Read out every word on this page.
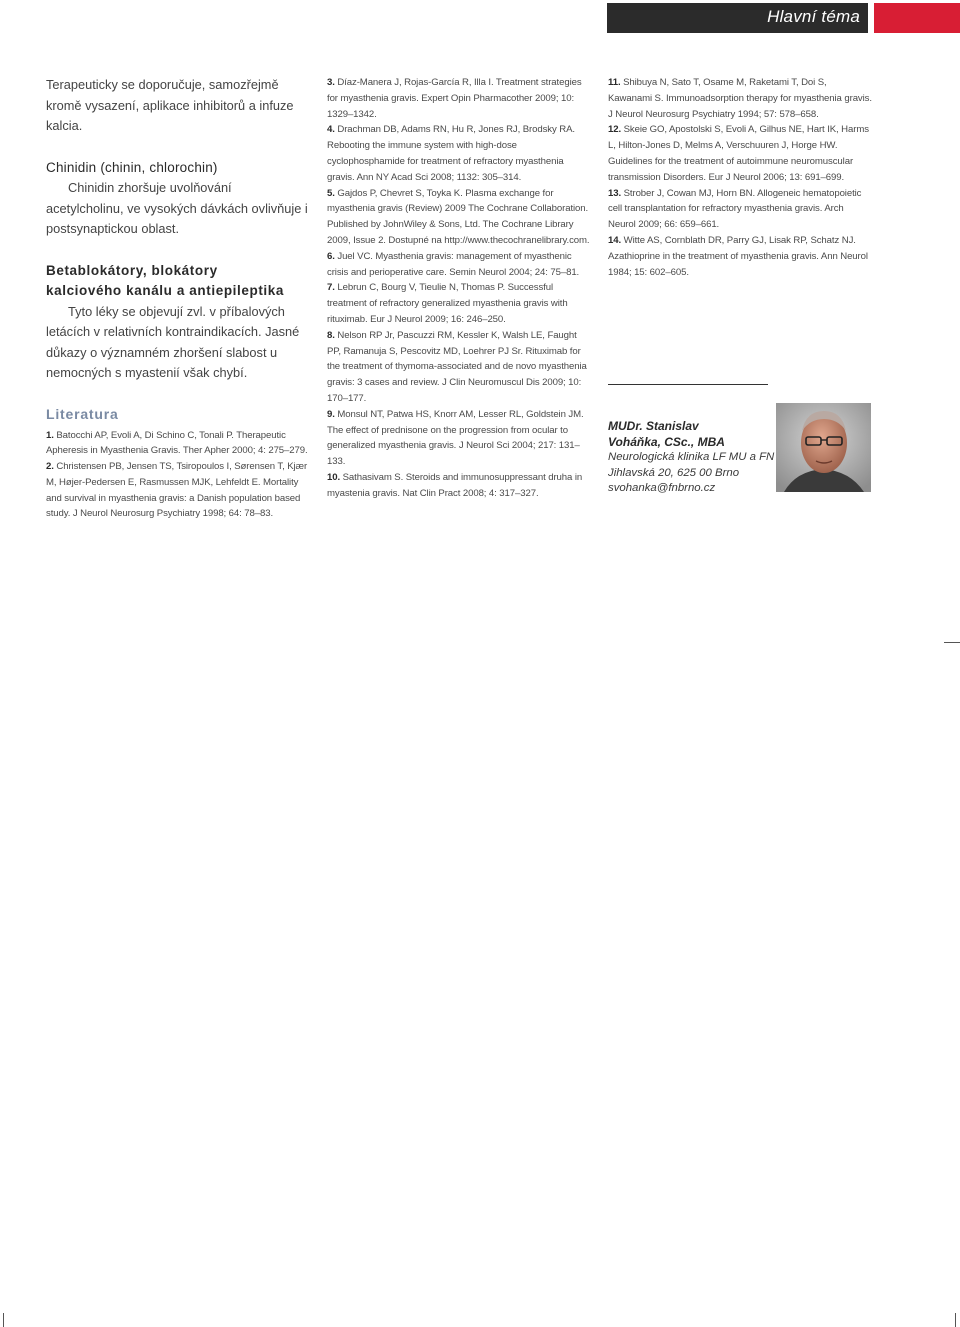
Hlavní téma

Terapeuticky se doporučuje, samozřejmě kromě vysazení, aplikace inhibitorů a infuze kalcia.

Chinidin (chinin, chlorochin)

Chinidin zhoršuje uvolňování acetylcholinu, ve vysokých dávkách ovlivňuje i postsynaptickou oblast.

Betablokátory, blokátory

kalciového kanálu a antiepileptika

Tyto léky se objevují zvl. v příbalových letácích v relativních kontraindikacích. Jasné důkazy o významném zhoršení slabost u nemocných s myastenií však chybí.

Literatura

1. Batocchi AP, Evoli A, Di Schino C, Tonali P. Therapeutic Apheresis in Myasthenia Gravis. Ther Apher 2000; 4: 275–279.

2. Christensen PB, Jensen TS, Tsiropoulos I, Sørensen T, Kjær M, Højer-Pedersen E, Rasmussen MJK, Lehfeldt E. Mortality and survival in myasthenia gravis: a Danish population based study. J Neurol Neurosurg Psychiatry 1998; 64: 78–83.

3. Díaz-Manera J, Rojas-García R, Illa I. Treatment strategies for myasthenia gravis. Expert Opin Pharmacother 2009; 10: 1329–1342.

4. Drachman DB, Adams RN, Hu R, Jones RJ, Brodsky RA. Rebooting the immune system with high-dose cyclophosphamide for treatment of refractory myasthenia gravis. Ann NY Acad Sci 2008; 1132: 305–314.

5. Gajdos P, Chevret S, Toyka K. Plasma exchange for myasthenia gravis (Review) 2009 The Cochrane Collaboration. Published by JohnWiley & Sons, Ltd. The Cochrane Library 2009, Issue 2. Dostupné na http://www.thecochranelibrary.com.

6. Juel VC. Myasthenia gravis: management of myasthenic crisis and perioperative care. Semin Neurol 2004; 24: 75–81.

7. Lebrun C, Bourg V, Tieulie N, Thomas P. Successful treatment of refractory generalized myasthenia gravis with rituximab. Eur J Neurol 2009; 16: 246–250.

8. Nelson RP Jr, Pascuzzi RM, Kessler K, Walsh LE, Faught PP, Ramanuja S, Pescovitz MD, Loehrer PJ Sr. Rituximab for the treatment of thymoma-associated and de novo myasthenia gravis: 3 cases and review. J Clin Neuromuscul Dis 2009; 10: 170–177.

9. Monsul NT, Patwa HS, Knorr AM, Lesser RL, Goldstein JM. The effect of prednisone on the progression from ocular to generalized myasthenia gravis. J Neurol Sci 2004; 217: 131–133.

10. Sathasivam S. Steroids and immunosuppressant druha in myastenia gravis. Nat Clin Pract 2008; 4: 317–327.

11. Shibuya N, Sato T, Osame M, Raketami T, Doi S, Kawanami S. Immunoadsorption therapy for myasthenia gravis. J Neurol Neurosurg Psychiatry 1994; 57: 578–658.

12. Skeie GO, Apostolski S, Evoli A, Gilhus NE, Hart IK, Harms L, Hilton-Jones D, Melms A, Verschuuren J, Horge HW. Guidelines for the treatment of autoimmune neuromuscular transmission Disorders. Eur J Neurol 2006; 13: 691–699.

13. Strober J, Cowan MJ, Horn BN. Allogeneic hematopoietic cell transplantation for refractory myasthenia gravis. Arch Neurol 2009; 66: 659–661.

14. Witte AS, Cornblath DR, Parry GJ, Lisak RP, Schatz NJ. Azathioprine in the treatment of myasthenia gravis. Ann Neurol 1984; 15: 602–605.

MUDr. Stanislav

Voháňka, CSc., MBA

Neurologická klinika LF MU a FN

Jihlavská 20, 625 00 Brno

svohanka@fnbrno.cz
